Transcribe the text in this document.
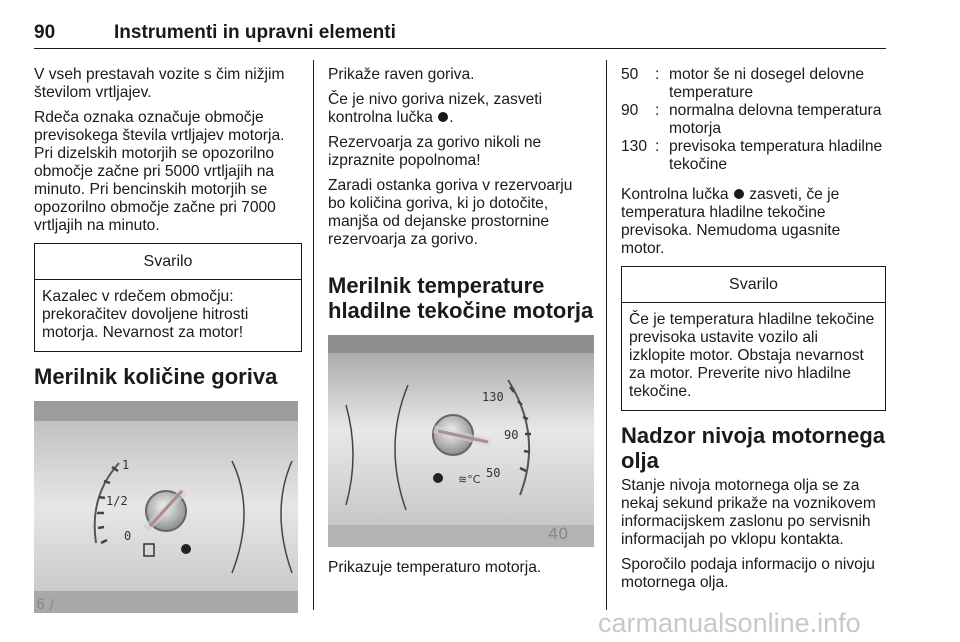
90	Instrumenti in upravni elementi

V vseh prestavah vozite s čim nižjim številom vrtljajev.

Rdeča oznaka označuje območje previsokega števila vrtljajev motorja. Pri dizelskih motorjih se opozorilno območje začne pri 5000 vrtljajih na minuto. Pri bencinskih motorjih se opozorilno območje začne pri 7000 vrtljajih na minuto.

Svarilo
Kazalec v rdečem območju: prekoračitev dovoljene hitrosti motorja. Nevarnost za motor!
Merilnik količine goriva
1
1/2
0
6 ∕

Prikaže raven goriva.

Če je nivo goriva nizek, zasveti kontrolna lučka .

Rezervoarja za gorivo nikoli ne izpraznite popolnoma!

Zaradi ostanka goriva v rezervoarju bo količina goriva, ki jo dotočite, manjša od dejanske prostornine rezervoarja za gorivo.

Merilnik temperature hladilne tekočine motorja
130
90
50
≋°C
40

Prikazuje temperaturo motorja.

50	: motor še ni dosegel delovne temperature
90	: normalna delovna temperatura motorja
130 : previsoka temperatura hladilne tekočine

Kontrolna lučka zasveti, če je temperatura hladilne tekočine previsoka. Nemudoma ugasnite motor.

Svarilo
Če je temperatura hladilne tekočine previsoka ustavite vozilo ali izklopite motor. Obstaja nevarnost za motor. Preverite nivo hladilne tekočine.
Nadzor nivoja motornega olja

Stanje nivoja motornega olja se za nekaj sekund prikaže na voznikovem informacijskem zaslonu po servisnih informacijah po vklopu kontakta.

Sporočilo podaja informacijo o nivoju motornega olja.

carmanualsonline.info
